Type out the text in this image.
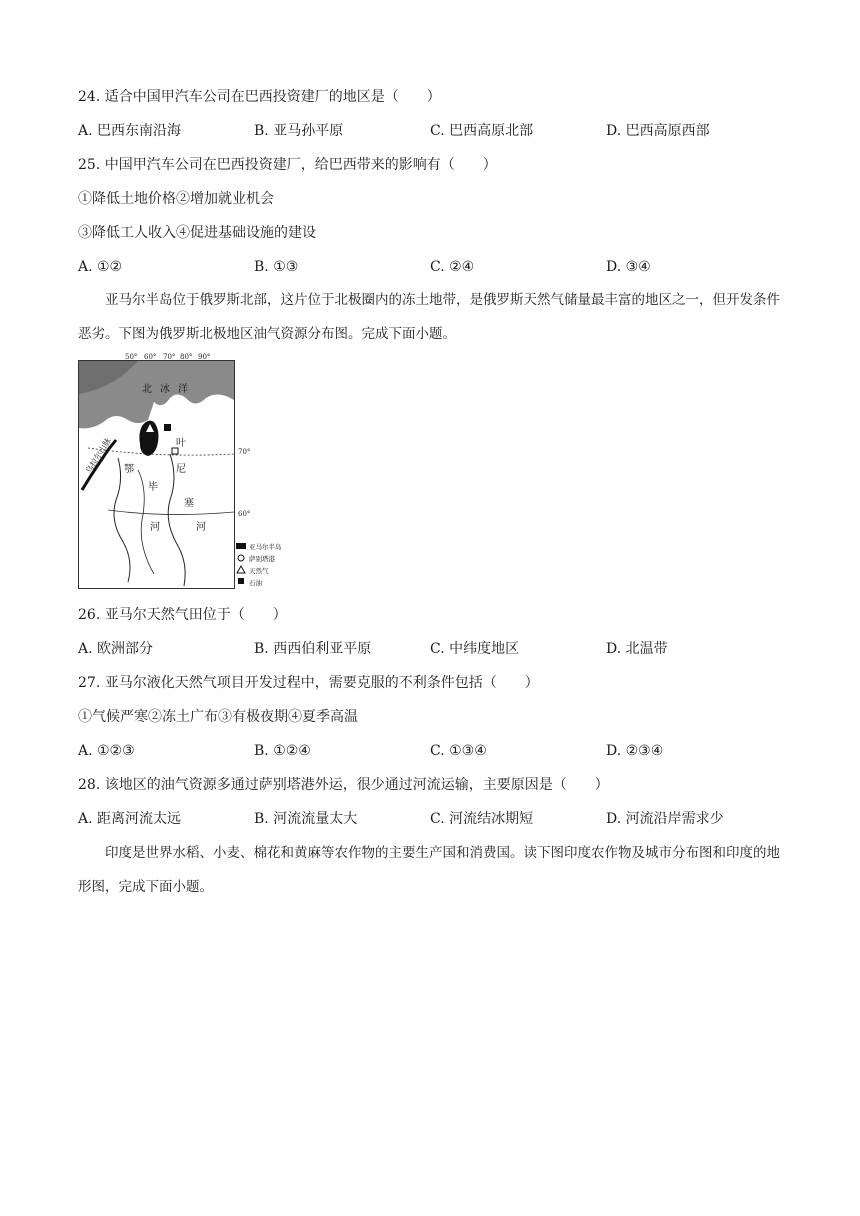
24. 适合中国甲汽车公司在巴西投资建厂的地区是（　　）
A. 巴西东南沿海	B. 亚马孙平原	C. 巴西高原北部	D. 巴西高原西部
25. 中国甲汽车公司在巴西投资建厂，给巴西带来的影响有（　　）
①降低土地价格②增加就业机会
③降低工人收入④促进基础设施的建设
A. ①②	B. ①③	C. ②④	D. ③④
　　亚马尔半岛位于俄罗斯北部，这片位于北极圈内的冻土地带，是俄罗斯天然气储量最丰富的地区之一，但开发条件恶劣。下图为俄罗斯北极地区油气资源分布图。完成下面小题。
50° 60° 70° 80° 90°
70°
60°
乌拉尔山脉
北 冰 洋
鄂
毕
河
叶
尼
塞
河
亚马尔半岛
萨别塔港
天然气
石油
26. 亚马尔天然气田位于（　　）
A. 欧洲部分	B. 西西伯利亚平原	C. 中纬度地区	D. 北温带
27. 亚马尔液化天然气项目开发过程中，需要克服的不利条件包括（　　）
①气候严寒②冻土广布③有极夜期④夏季高温
A. ①②③	B. ①②④	C. ①③④	D. ②③④
28. 该地区的油气资源多通过萨别塔港外运，很少通过河流运输，主要原因是（　　）
A. 距离河流太远	B. 河流流量太大	C. 河流结冰期短	D. 河流沿岸需求少
　　印度是世界水稻、小麦、棉花和黄麻等农作物的主要生产国和消费国。读下图印度农作物及城市分布图和印度的地形图，完成下面小题。
